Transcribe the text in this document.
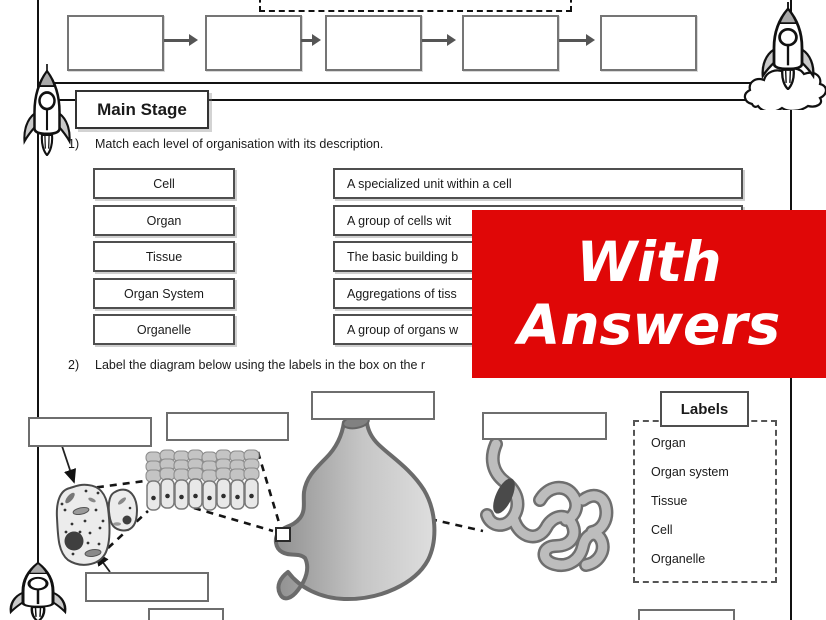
Main Stage
1) Match each level of organisation with its description.
Cell
Organ
Tissue
Organ System
Organelle
A specialized unit within a cell
A group of cells wit
The basic building b
Aggregations of tiss
A group of organs w
2) Label the diagram below using the labels in the box on the r
Organ
Organ system
Tissue
Cell
Organelle
Labels
With
Answers
